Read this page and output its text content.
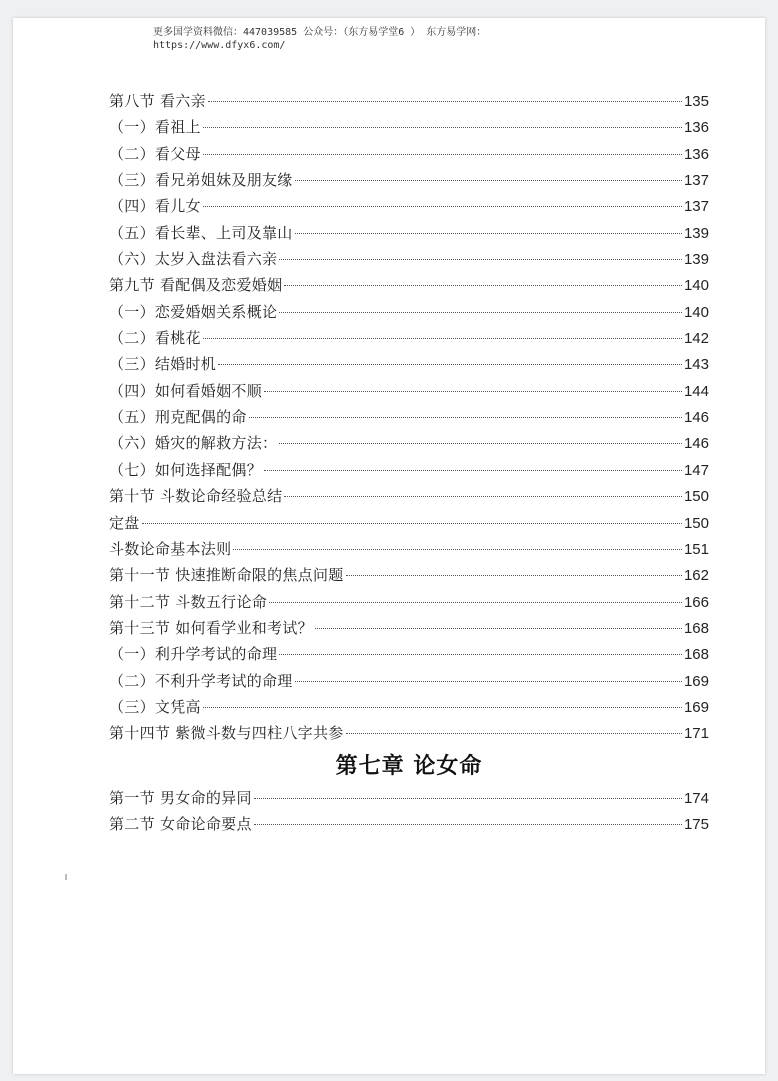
更多国学资料微信：447039585 公众号：（东方易学堂6 ） 东方易学网：
https://www.dfyx6.com/
第八节 看六亲	135
（一）看祖上	136
（二）看父母	136
（三）看兄弟姐妹及朋友缘	137
（四）看儿女	137
（五）看长辈、上司及靠山	139
（六）太岁入盘法看六亲	139
第九节 看配偶及恋爱婚姻	140
（一）恋爱婚姻关系概论	140
（二）看桃花	142
（三）结婚时机	143
（四）如何看婚姻不顺	144
（五）刑克配偶的命	146
（六）婚灾的解救方法：	146
（七）如何选择配偶？	147
第十节 斗数论命经验总结	150
定盘	150
斗数论命基本法则	151
第十一节 快速推断命限的焦点问题	162
第十二节 斗数五行论命	166
第十三节 如何看学业和考试？	168
（一）利升学考试的命理	168
（二）不利升学考试的命理	169
（三）文凭高	169
第十四节 紫微斗数与四柱八字共参	171
第七章 论女命
第一节 男女命的异同	174
第二节 女命论命要点	175
